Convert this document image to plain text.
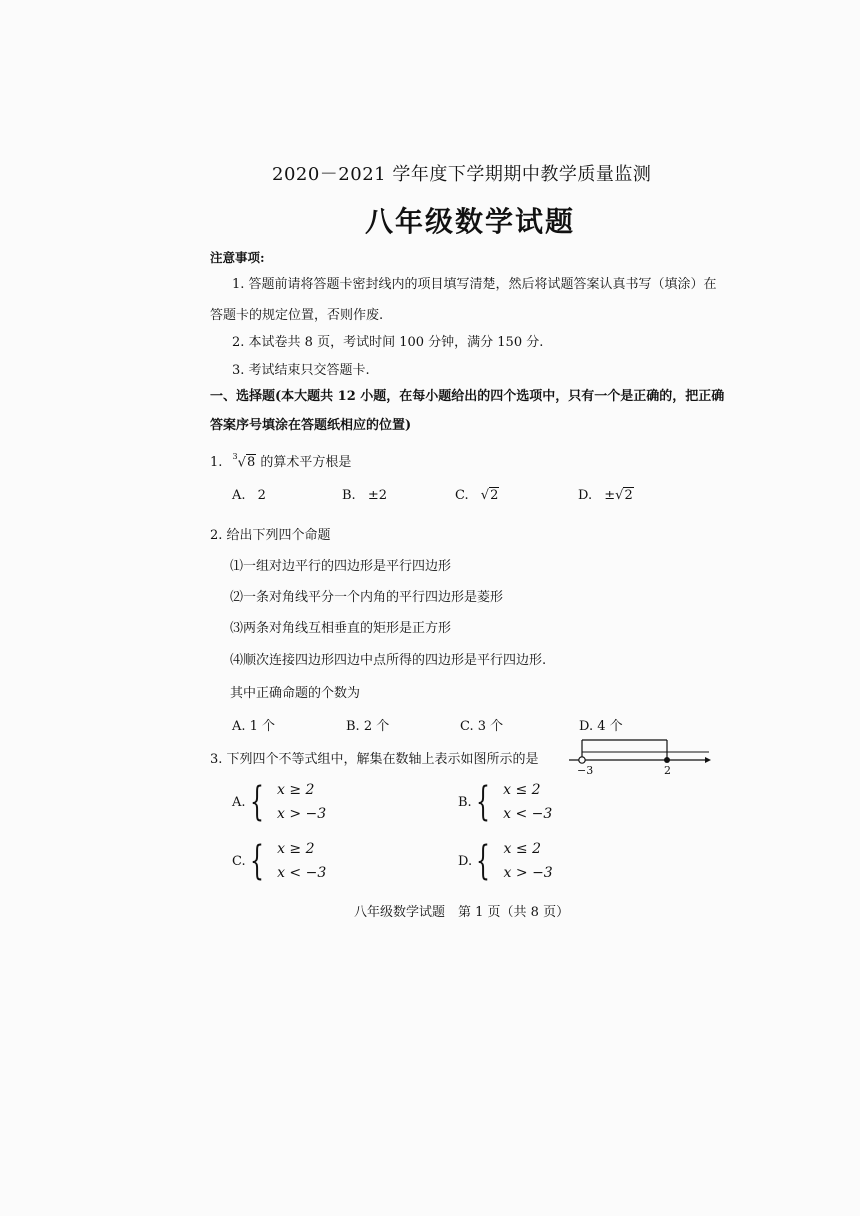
2020－2021 学年度下学期期中教学质量监测
八年级数学试题
注意事项:
1. 答题前请将答题卡密封线内的项目填写清楚，然后将试题答案认真书写（填涂）在
答题卡的规定位置，否则作废.
2. 本试卷共 8 页，考试时间 100 分钟，满分 150 分.
3. 考试结束只交答题卡.
一、选择题(本大题共 12 小题，在每小题给出的四个选项中，只有一个是正确的，把正确
答案序号填涂在答题纸相应的位置)
1. $^3$√8 的算术平方根是
A. 2	B. ±2	C. √2	D. ±√2
2. 给出下列四个命题
⑴一组对边平行的四边形是平行四边形
⑵一条对角线平分一个内角的平行四边形是菱形
⑶两条对角线互相垂直的矩形是正方形
⑷顺次连接四边形四边中点所得的四边形是平行四边形.
其中正确命题的个数为
A. 1 个	B. 2 个	C. 3 个	D. 4 个
3. 下列四个不等式组中，解集在数轴上表示如图所示的是
−3	2
A. { x ≥ 2
x > −3
B. { x ≤ 2
x < −3
C. { x ≥ 2
x < −3
D. { x ≤ 2
x > −3
八年级数学试题　第 1 页（共 8 页）
